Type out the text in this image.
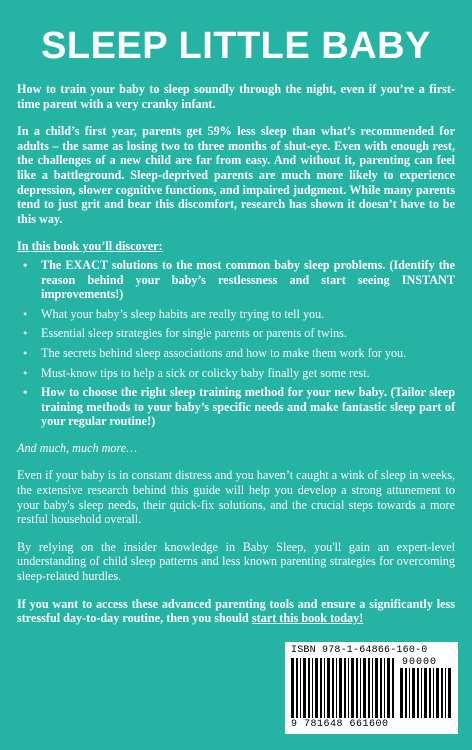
SLEEP LITTLE BABY

How to train your baby to sleep soundly through the night, even if you’re a first-time parent with a very cranky infant.

In a child’s first year, parents get 59% less sleep than what’s recommended for adults – the same as losing two to three months of shut-eye. Even with enough rest, the challenges of a new child are far from easy. And without it, parenting can feel like a battleground. Sleep-deprived parents are much more likely to experience depression, slower cognitive functions, and impaired judgment. While many parents tend to just grit and bear this discomfort, research has shown it doesn’t have to be this way.

In this book you’ll discover:

• The EXACT solutions to the most common baby sleep problems. (Identify the reason behind your baby’s restlessness and start seeing INSTANT improvements!)
• What your baby’s sleep habits are really trying to tell you.
• Essential sleep strategies for single parents or parents of twins.
• The secrets behind sleep associations and how to make them work for you.
• Must-know tips to help a sick or colicky baby finally get some rest.
• How to choose the right sleep training method for your new baby. (Tailor sleep training methods to your baby’s specific needs and make fantastic sleep part of your regular routine!)

And much, much more…

Even if your baby is in constant distress and you haven’t caught a wink of sleep in weeks, the extensive research behind this guide will help you develop a strong attunement to your baby's sleep needs, their quick-fix solutions, and the crucial steps towards a more restful household overall.

By relying on the insider knowledge in Baby Sleep, you'll gain an expert-level understanding of child sleep patterns and less known parenting strategies for overcoming sleep-related hurdles.

If you want to access these advanced parenting tools and ensure a significantly less stressful day-to-day routine, then you should start this book today!

ISBN 978-1-64866-160-0
90000
9 781648 661600
